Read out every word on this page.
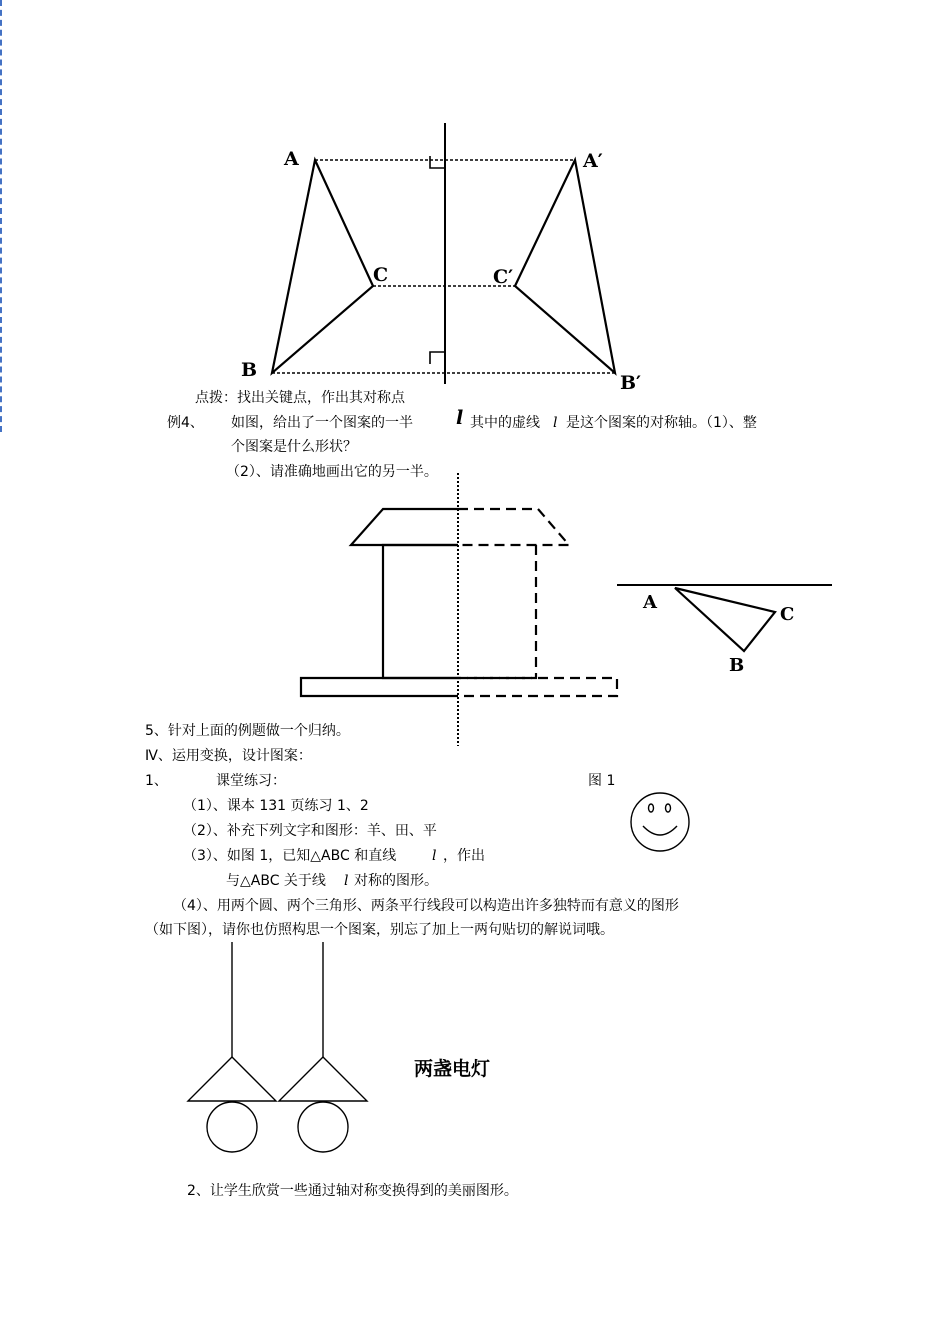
A	A′
C	C′
B
B′
点拨：找出关键点，作出其对称点
例4、 如图，给出了一个图案的一半 l 其中的虚线 l 是这个图案的对称轴。（1）、整
个图案是什么形状？
（2）、请准确地画出它的另一半。
A
C
B
5、针对上面的例题做一个归纳。
Ⅳ、运用变换，设计图案：
1、	课堂练习：	图 1
（1）、课本 131 页练习 1、2
（2）、补充下列文字和图形：羊、田、平
（3）、如图 1，已知△ABC 和直线	l ，作出
与△ABC 关于线 l 对称的图形。
（4）、用两个圆、两个三角形、两条平行线段可以构造出许多独特而有意义的图形
（如下图），请你也仿照构思一个图案，别忘了加上一两句贴切的解说词哦。
两盏电灯
2、让学生欣赏一些通过轴对称变换得到的美丽图形。
